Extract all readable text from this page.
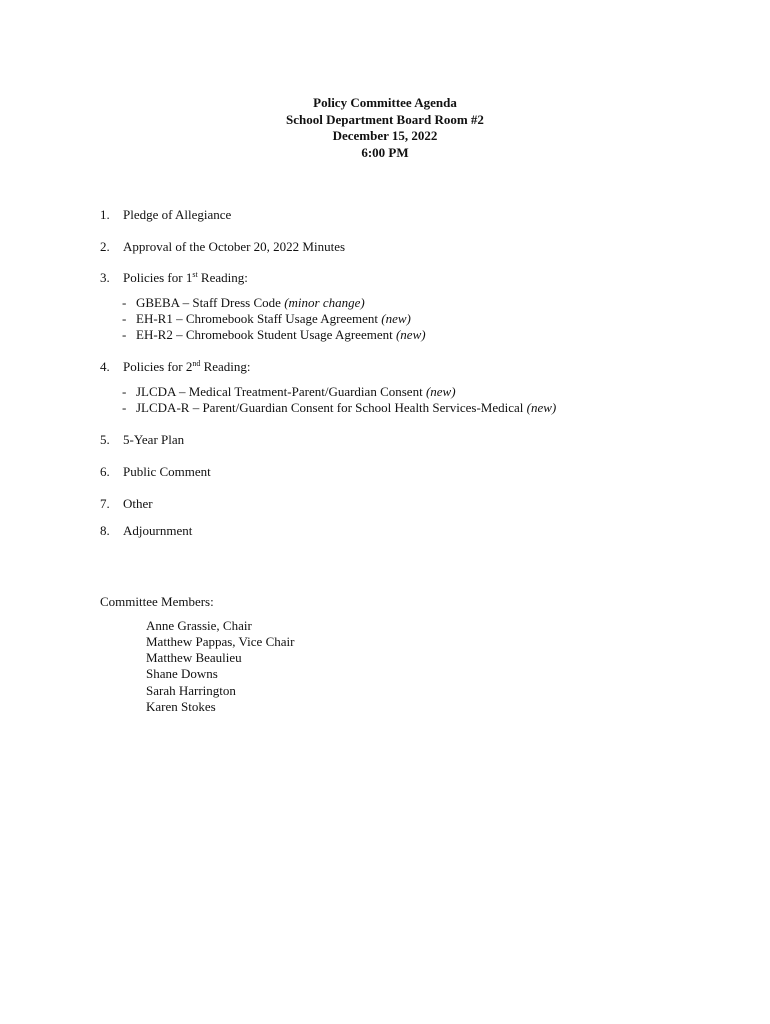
Policy Committee Agenda
School Department Board Room #2
December 15, 2022
6:00 PM
1. Pledge of Allegiance
2. Approval of the October 20, 2022 Minutes
3. Policies for 1st Reading:
- GBEBA – Staff Dress Code (minor change)
- EH-R1 – Chromebook Staff Usage Agreement (new)
- EH-R2 – Chromebook Student Usage Agreement (new)
4. Policies for 2nd Reading:
- JLCDA – Medical Treatment-Parent/Guardian Consent (new)
- JLCDA-R – Parent/Guardian Consent for School Health Services-Medical (new)
5. 5-Year Plan
6. Public Comment
7. Other
8. Adjournment
Committee Members:
Anne Grassie, Chair
Matthew Pappas, Vice Chair
Matthew Beaulieu
Shane Downs
Sarah Harrington
Karen Stokes
